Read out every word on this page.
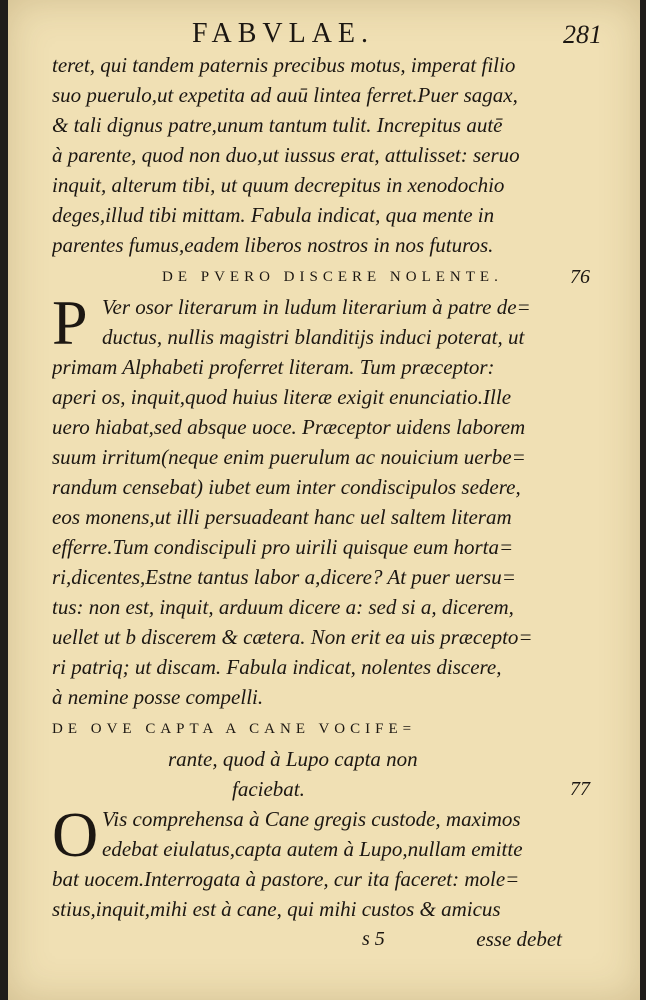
FABVLAE.	281
teret, qui tandem paternis precibus motus, imperat filio
suo puerulo,ut expetita ad auū lintea ferret.Puer sagax,
& tali dignus patre,unum tantum tulit. Increpitus autē
à parente, quod non duo,ut iussus erat, attulisset: seruo
inquit, alterum tibi, ut quum decrepitus in xenodochio
deges,illud tibi mittam. Fabula indicat, qua mente in
parentes fumus,eadem liberos nostros in nos futuros.
DE PVERO DISCERE NOLENTE.	76
P Ver osor literarum in ludum literarium à patre de=
ductus, nullis magistri blanditijs induci poterat, ut
primam Alphabeti proferret literam. Tum præceptor:
aperi os, inquit,quod huius literæ exigit enunciatio.Ille
uero hiabat,sed absque uoce. Præceptor uidens laborem
suum irritum(neque enim puerulum ac nouicium uerbe=
randum censebat) iubet eum inter condiscipulos sedere,
eos monens,ut illi persuadeant hanc uel saltem literam
efferre.Tum condiscipuli pro uirili quisque eum horta=
ri,dicentes,Estne tantus labor a,dicere? At puer uersu=
tus: non est, inquit, arduum dicere a: sed si a, dicerem,
uellet ut b discerem & cætera. Non erit ea uis præcepto=
ri patriq; ut discam. Fabula indicat, nolentes discere,
à nemine posse compelli.
DE OVE CAPTA A CANE VOCIFE=
rante, quod à Lupo capta non
faciebat.	77
O Vis comprehensa à Cane gregis custode, maximos
edebat eiulatus,capta autem à Lupo,nullam emitte
bat uocem.Interrogata à pastore, cur ita faceret: mole=
stius,inquit,mihi est à cane, qui mihi custos & amicus
s 5	esse debet
